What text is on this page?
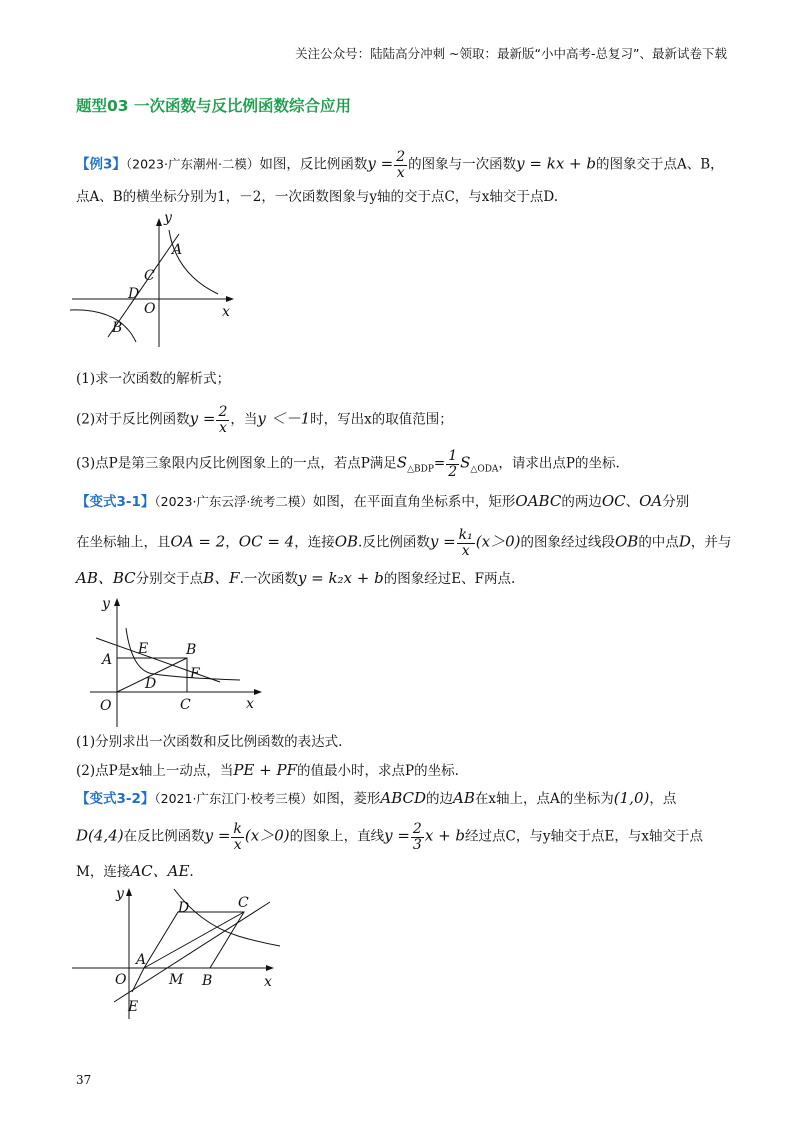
关注公众号：陆陆高分冲刺 ~领取：最新版“小中高考-总复习”、最新试卷下载
题型03 一次函数与反比例函数综合应用
【例3】（2023·广东潮州·二模）如图，反比例函数$y = \frac{2}{x}$ 的图象与一次函数y = kx + b的图象交于点A、B，
点A、B的横坐标分别为1，－2，一次函数图象与y轴的交于点C，与x轴交于点D.
y
x
A
B
C
D
O
(1)求一次函数的解析式；
(2)对于反比例函数$y = \frac{2}{x}$ ，当y ＜－1时，写出x的取值范围；
(3)点P是第三象限内反比例图象上的一点，若点P满足$S_{\triangle BDP}= \frac{1}{2} S_{\triangle ODA}$，请求出点P的坐标.
【变式3-1】（2023·广东云浮·统考二模）如图，在平面直角坐标系中，矩形OABC的两边OC、OA分别
在坐标轴上，且OA = 2，OC = 4，连接OB.反比例函数$y = \frac{\text{k₁}}{x} (x>0)$的图象经过线段OB的中点D，并与
AB、BC分别交于点B、F.一次函数y = k₂x + b的图象经过E、F两点.
y
x
A
B
C
D
E
F
O
(1)分别求出一次函数和反比例函数的表达式.
(2)点P是x轴上一动点，当PE + PF的值最小时，求点P的坐标.
【变式3-2】（2021·广东江门·校考三模）如图，菱形ABCD的边AB在x轴上，点A的坐标为(1,0)，点
D(4,4)在反比例函数$y = \frac{k}{x} (x>0)$的图象上，直线$y = \frac{2}{3}$ x + b经过点C，与y轴交于点E，与x轴交于点
M，连接AC、AE.
y
x
A
B
C
D
E
M
O
37
